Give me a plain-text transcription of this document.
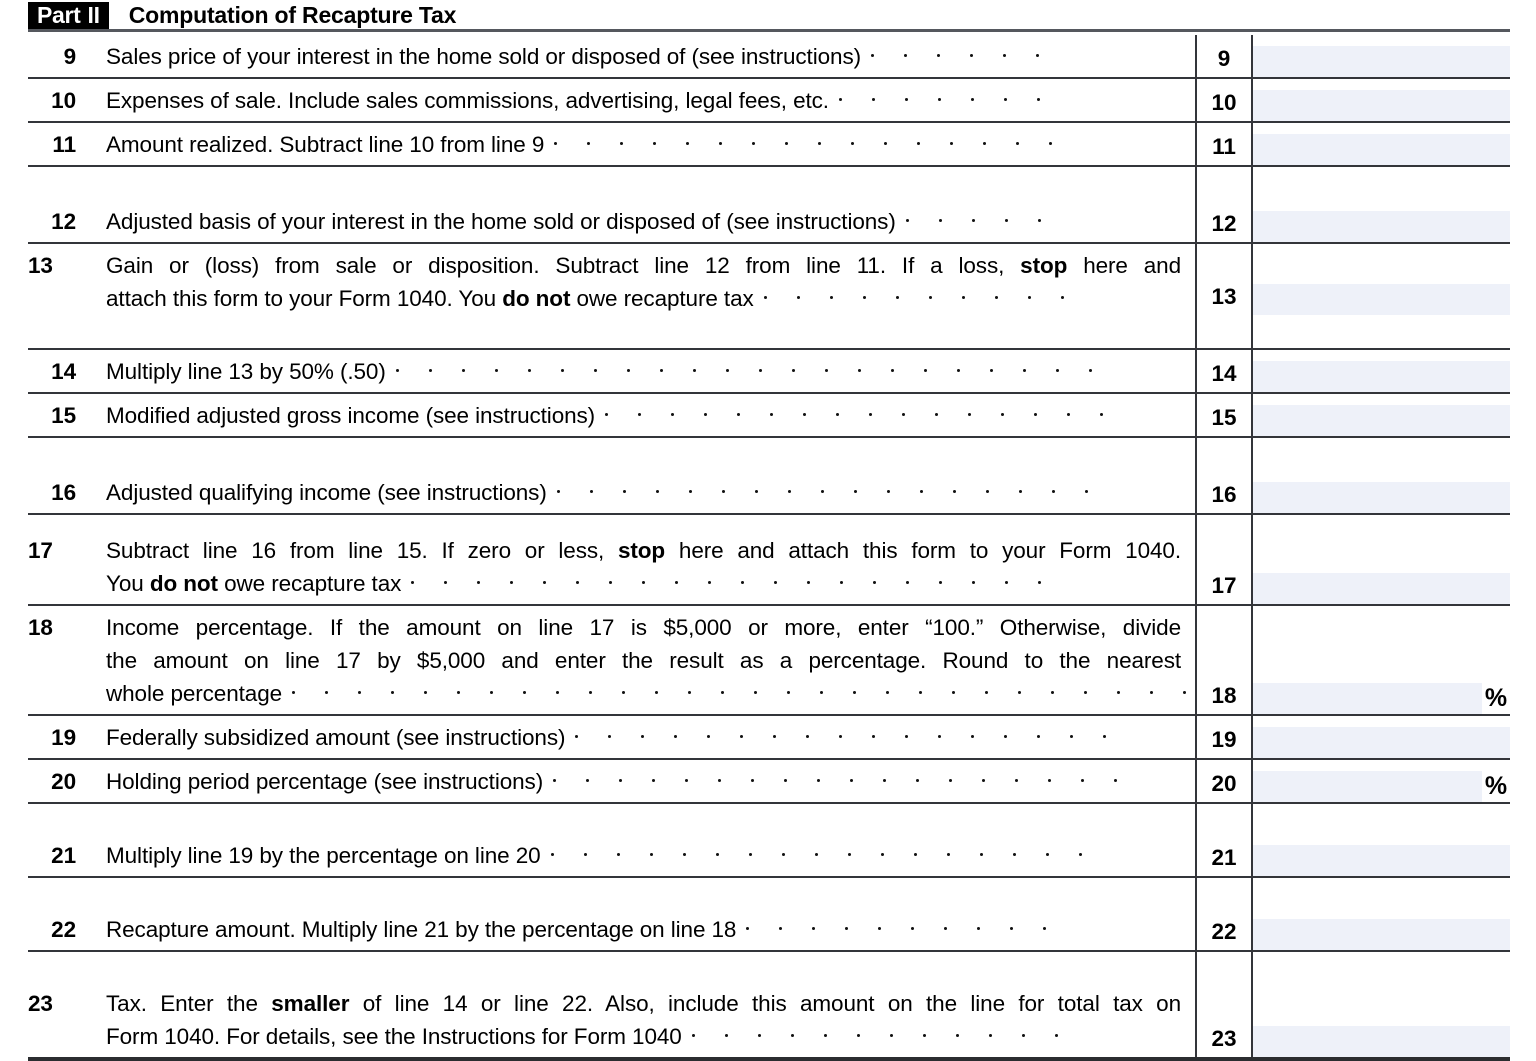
Part II Computation of Recapture Tax
9 Sales price of your interest in the home sold or disposed of (see instructions)	9
10 Expenses of sale. Include sales commissions, advertising, legal fees, etc.	10
11 Amount realized. Subtract line 10 from line 9	11
12 Adjusted basis of your interest in the home sold or disposed of (see instructions)	12
13	Gain or (loss) from sale or disposition. Subtract line 12 from line 11. If a loss, stop here and
attach this form to your Form 1040. You do not owe recapture tax	13
14 Multiply line 13 by 50% (.50)	14
15 Modified adjusted gross income (see instructions)	15
16 Adjusted qualifying income (see instructions)	16
17	Subtract line 16 from line 15. If zero or less, stop here and attach this form to your Form 1040.
You do not owe recapture tax	17
18	Income percentage. If the amount on line 17 is $5,000 or more, enter “100.” Otherwise, divide
the amount on line 17 by $5,000 and enter the result as a percentage. Round to the nearest
whole percentage	18	%
19 Federally subsidized amount (see instructions)	19
20 Holding period percentage (see instructions)	20	%
21 Multiply line 19 by the percentage on line 20	21
22 Recapture amount. Multiply line 21 by the percentage on line 18	22
23	Tax. Enter the smaller of line 14 or line 22. Also, include this amount on the line for total tax on
Form 1040. For details, see the Instructions for Form 1040	23
